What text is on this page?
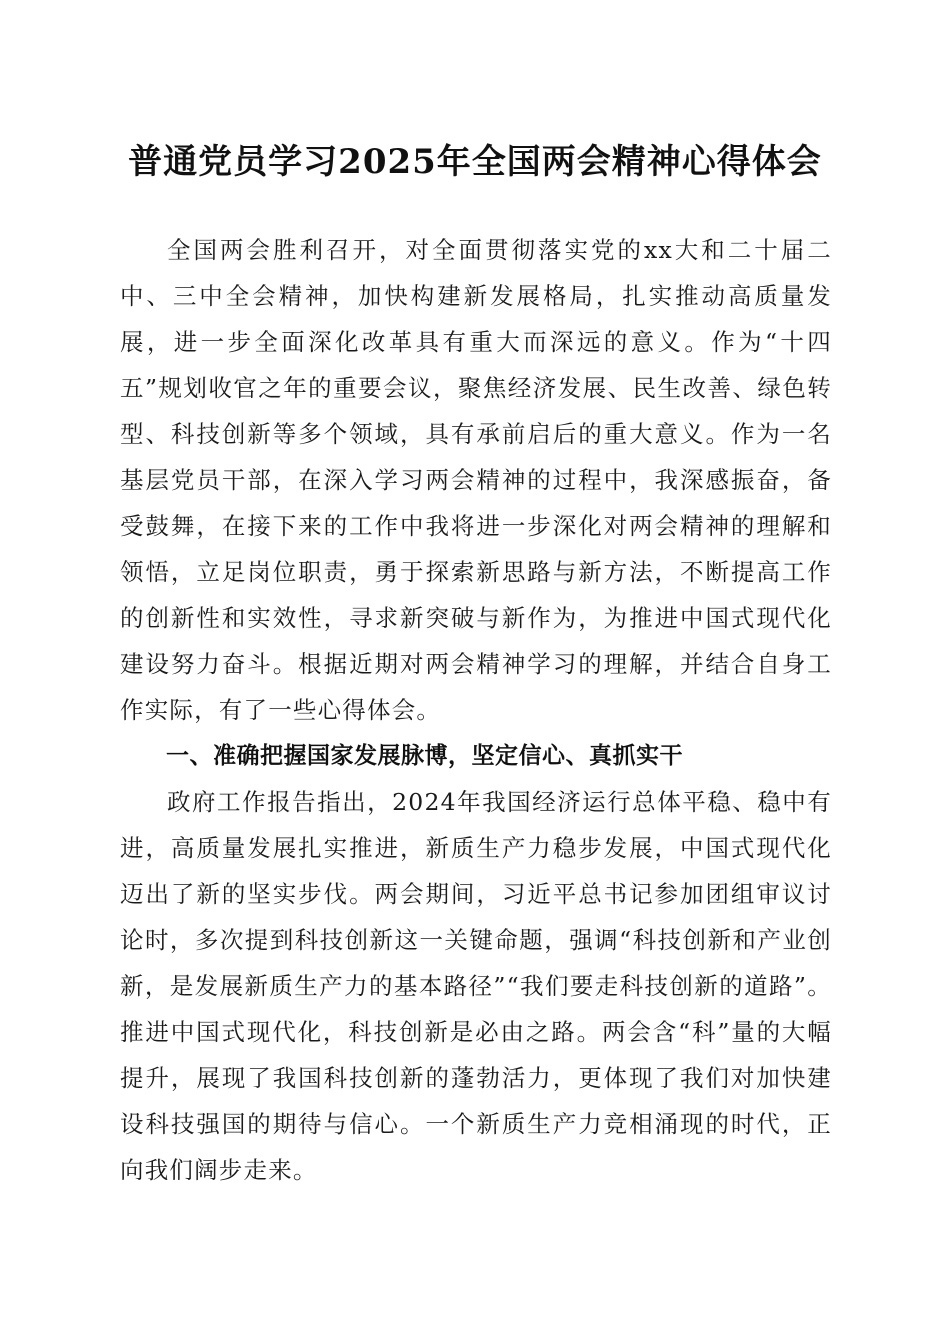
普通党员学习2025年全国两会精神心得体会

全国两会胜利召开，对全面贯彻落实党的xx大和二十届二中、三中全会精神，加快构建新发展格局，扎实推动高质量发展，进一步全面深化改革具有重大而深远的意义。作为“十四五”规划收官之年的重要会议，聚焦经济发展、民生改善、绿色转型、科技创新等多个领域，具有承前启后的重大意义。作为一名基层党员干部，在深入学习两会精神的过程中，我深感振奋，备受鼓舞，在接下来的工作中我将进一步深化对两会精神的理解和领悟，立足岗位职责，勇于探索新思路与新方法，不断提高工作的创新性和实效性，寻求新突破与新作为，为推进中国式现代化建设努力奋斗。根据近期对两会精神学习的理解，并结合自身工作实际，有了一些心得体会。

一、准确把握国家发展脉博，坚定信心、真抓实干

政府工作报告指出，2024年我国经济运行总体平稳、稳中有进，高质量发展扎实推进，新质生产力稳步发展，中国式现代化迈出了新的坚实步伐。两会期间，习近平总书记参加团组审议讨论时，多次提到科技创新这一关键命题，强调“科技创新和产业创新，是发展新质生产力的基本路径”“我们要走科技创新的道路”。推进中国式现代化，科技创新是必由之路。两会含“科”量的大幅提升，展现了我国科技创新的蓬勃活力，更体现了我们对加快建设科技强国的期待与信心。一个新质生产力竞相涌现的时代，正向我们阔步走来。
